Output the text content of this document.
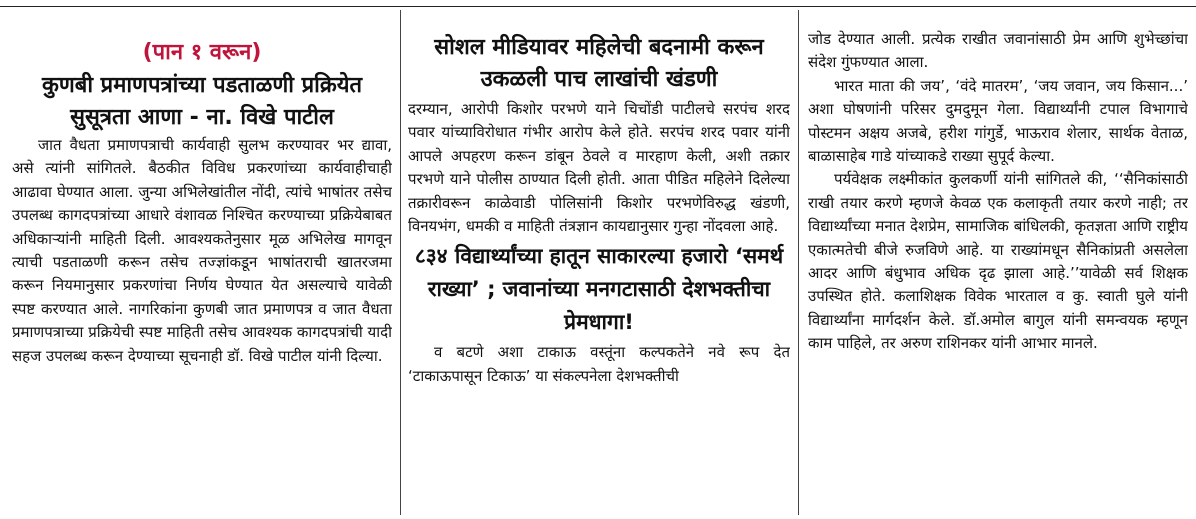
(पान १ वरून)
कुणबी प्रमाणपत्रांच्या पडताळणी प्रक्रियेत सुसूत्रता आणा - ना. विखे पाटील

जात वैधता प्रमाणपत्राची कार्यवाही सुलभ करण्यावर भर द्यावा, असे त्यांनी सांगितले. बैठकीत विविध प्रकरणांच्या कार्यवाहीचाही आढावा घेण्यात आला. जुन्या अभिलेखांतील नोंदी, त्यांचे भाषांतर तसेच उपलब्ध कागदपत्रांच्या आधारे वंशावळ निश्चित करण्याच्या प्रक्रियेबाबत अधिकाऱ्यांनी माहिती दिली. आवश्यकतेनुसार मूळ अभिलेख मागवून त्याची पडताळणी करून तसेच तज्ज्ञांकडून भाषांतराची खातरजमा करून नियमानुसार प्रकरणांचा निर्णय घेण्यात येत असल्याचे यावेळी स्पष्ट करण्यात आले. नागरिकांना कुणबी जात प्रमाणपत्र व जात वैधता प्रमाणपत्राच्या प्रक्रियेची स्पष्ट माहिती तसेच आवश्यक कागदपत्रांची यादी सहज उपलब्ध करून देण्याच्या सूचनाही डॉ. विखे पाटील यांनी दिल्या.

सोशल मीडियावर महिलेची बदनामी करून उकळली पाच लाखांची खंडणी

दरम्यान, आरोपी किशोर परभणे याने चिचोंडी पाटीलचे सरपंच शरद पवार यांच्याविरोधात गंभीर आरोप केले होते. सरपंच शरद पवार यांनी आपले अपहरण करून डांबून ठेवले व मारहाण केली, अशी तक्रार परभणे याने पोलीस ठाण्यात दिली होती. आता पीडित महिलेने दिलेल्या तक्रारीवरून काळेवाडी पोलिसांनी किशोर परभणेविरुद्ध खंडणी, विनयभंग, धमकी व माहिती तंत्रज्ञान कायद्यानुसार गुन्हा नोंदवला आहे.

८३४ विद्यार्थ्यांच्या हातून साकारल्या हजारो ‘समर्थ राख्या’ ; जवानांच्या मनगटासाठी देशभक्तीचा प्रेमधागा!

व बटणे अशा टाकाऊ वस्तूंना कल्पकतेने नवे रूप देत ‘टाकाऊपासून टिकाऊ’ या संकल्पनेला देशभक्तीची

जोड देण्यात आली. प्रत्येक राखीत जवानांसाठी प्रेम आणि शुभेच्छांचा संदेश गुंफण्यात आला.

भारत माता की जय’, ‘वंदे मातरम’, ‘जय जवान, जय किसान...’ अशा घोषणांनी परिसर दुमदुमून गेला. विद्यार्थ्यांनी टपाल विभागाचे पोस्टमन अक्षय अजबे, हरीश गांगुर्डे, भाऊराव शेलार, सार्थक वेताळ, बाळासाहेब गाडे यांच्याकडे राख्या सुपूर्द केल्या.

पर्यवेक्षक लक्ष्मीकांत कुलकर्णी यांनी सांगितले की, ‘‘सैनिकांसाठी राखी तयार करणे म्हणजे केवळ एक कलाकृती तयार करणे नाही; तर विद्यार्थ्यांच्या मनात देशप्रेम, सामाजिक बांधिलकी, कृतज्ञता आणि राष्ट्रीय एकात्मतेची बीजे रुजविणे आहे. या राख्यांमधून सैनिकांप्रती असलेला आदर आणि बंधुभाव अधिक दृढ झाला आहे.’’यावेळी सर्व शिक्षक उपस्थित होते. कलाशिक्षक विवेक भारताल व कु. स्वाती घुले यांनी विद्यार्थ्यांना मार्गदर्शन केले. डॉ.अमोल बागुल यांनी समन्वयक म्हणून काम पाहिले, तर अरुण राशिनकर यांनी आभार मानले.
